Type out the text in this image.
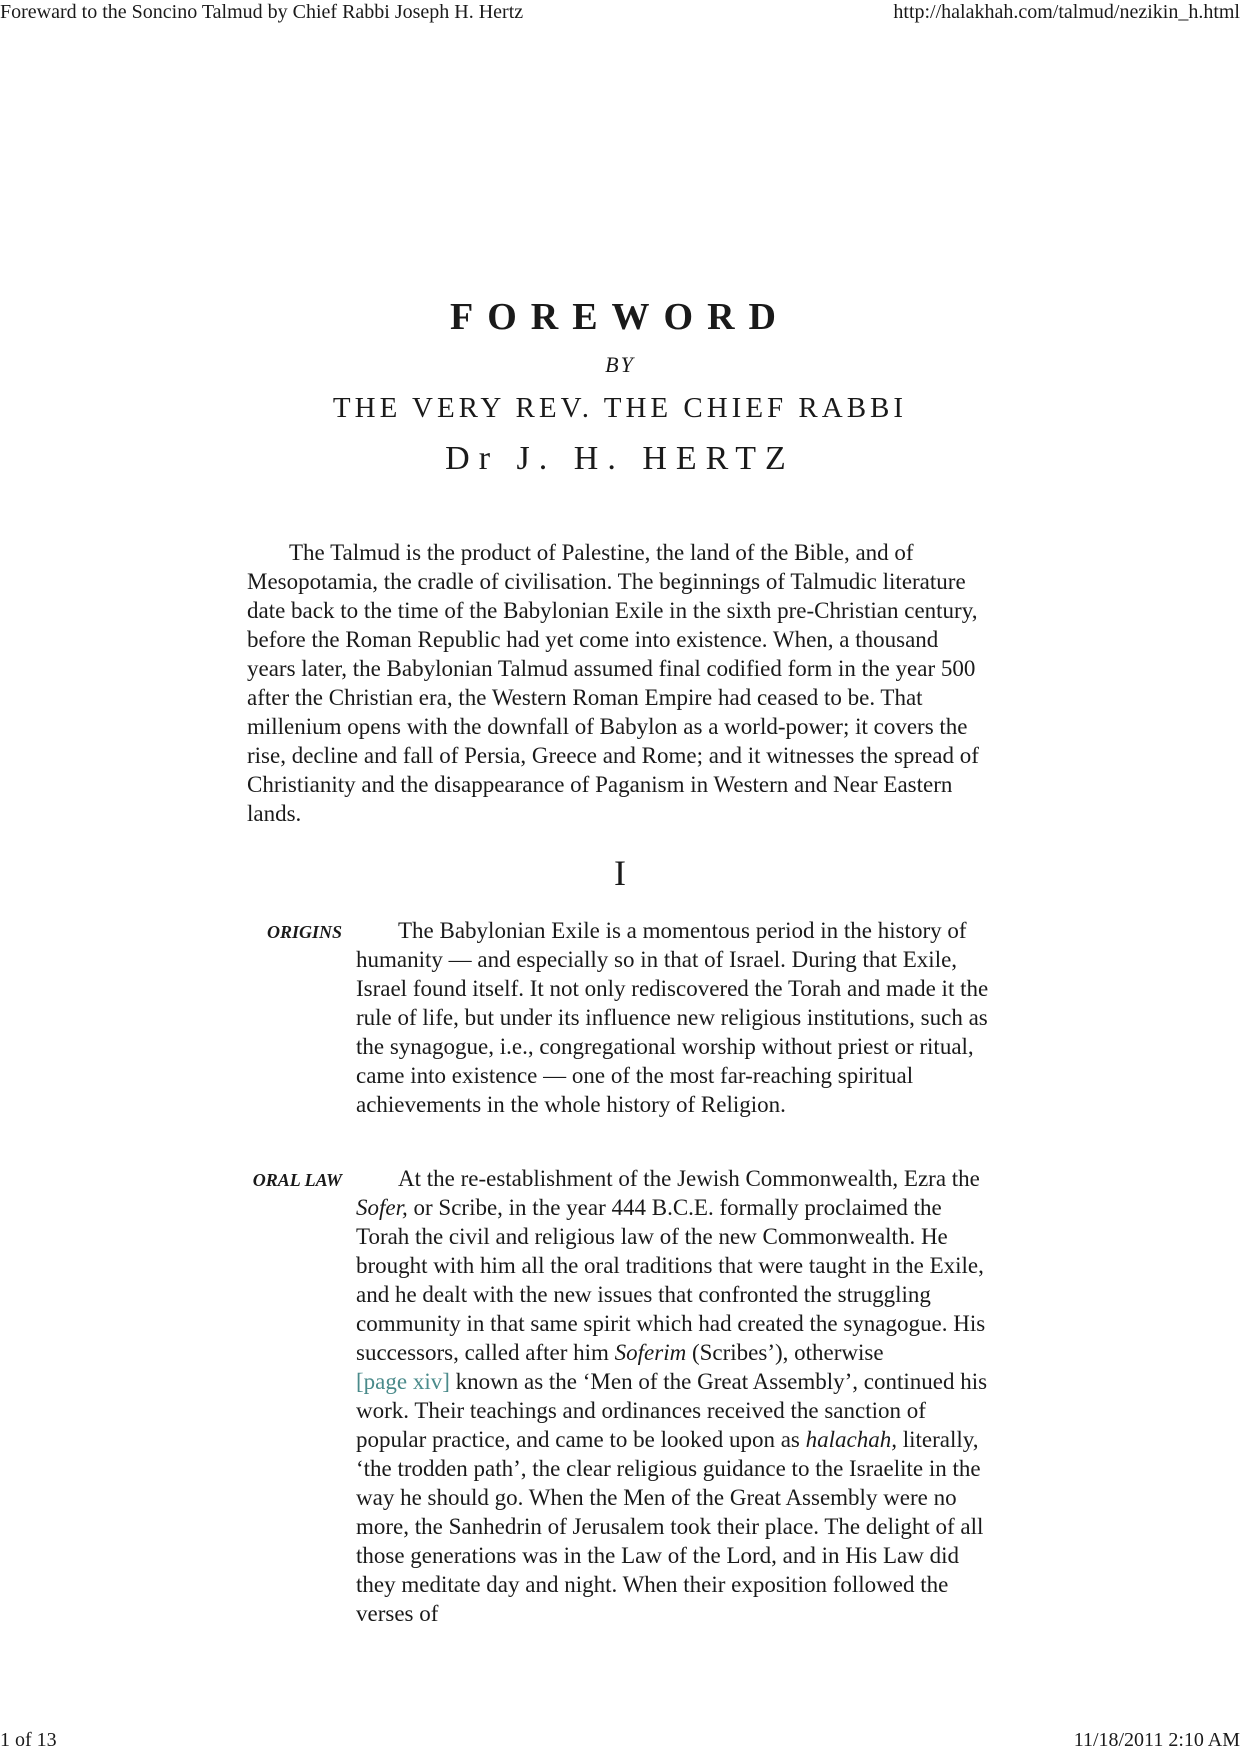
Foreward to the Soncino Talmud by Chief Rabbi Joseph H. Hertz	http://halakhah.com/talmud/nezikin_h.html
FOREWORD
BY
THE VERY REV. THE CHIEF RABBI
Dr J. H. HERTZ

The Talmud is the product of Palestine, the land of the Bible, and of Mesopotamia, the cradle of civilisation. The beginnings of Talmudic literature date back to the time of the Babylonian Exile in the sixth pre-Christian century, before the Roman Republic had yet come into existence. When, a thousand years later, the Babylonian Talmud assumed final codified form in the year 500 after the Christian era, the Western Roman Empire had ceased to be. That millenium opens with the downfall of Babylon as a world-power; it covers the rise, decline and fall of Persia, Greece and Rome; and it witnesses the spread of Christianity and the disappearance of Paganism in Western and Near Eastern lands.

I
ORIGINS	The Babylonian Exile is a momentous period in the history of humanity — and especially so in that of Israel. During that Exile, Israel found itself. It not only rediscovered the Torah and made it the rule of life, but under its influence new religious institutions, such as the synagogue, i.e., congregational worship without priest or ritual, came into existence — one of the most far-reaching spiritual achievements in the whole history of Religion.

ORAL LAW	At the re-establishment of the Jewish Commonwealth, Ezra the Sofer, or Scribe, in the year 444 B.C.E. formally proclaimed the Torah the civil and religious law of the new Commonwealth. He brought with him all the oral traditions that were taught in the Exile, and he dealt with the new issues that confronted the struggling community in that same spirit which had created the synagogue. His successors, called after him Soferim (Scribes’), otherwise
[page xiv] known as the ‘Men of the Great Assembly’, continued his work. Their teachings and ordinances received the sanction of popular practice, and came to be looked upon as halachah, literally, ‘the trodden path’, the clear religious guidance to the Israelite in the way he should go. When the Men of the Great Assembly were no more, the Sanhedrin of Jerusalem took their place. The delight of all those generations was in the Law of the Lord, and in His Law did they meditate day and night. When their exposition followed the verses of

1 of 13	11/18/2011 2:10 AM
